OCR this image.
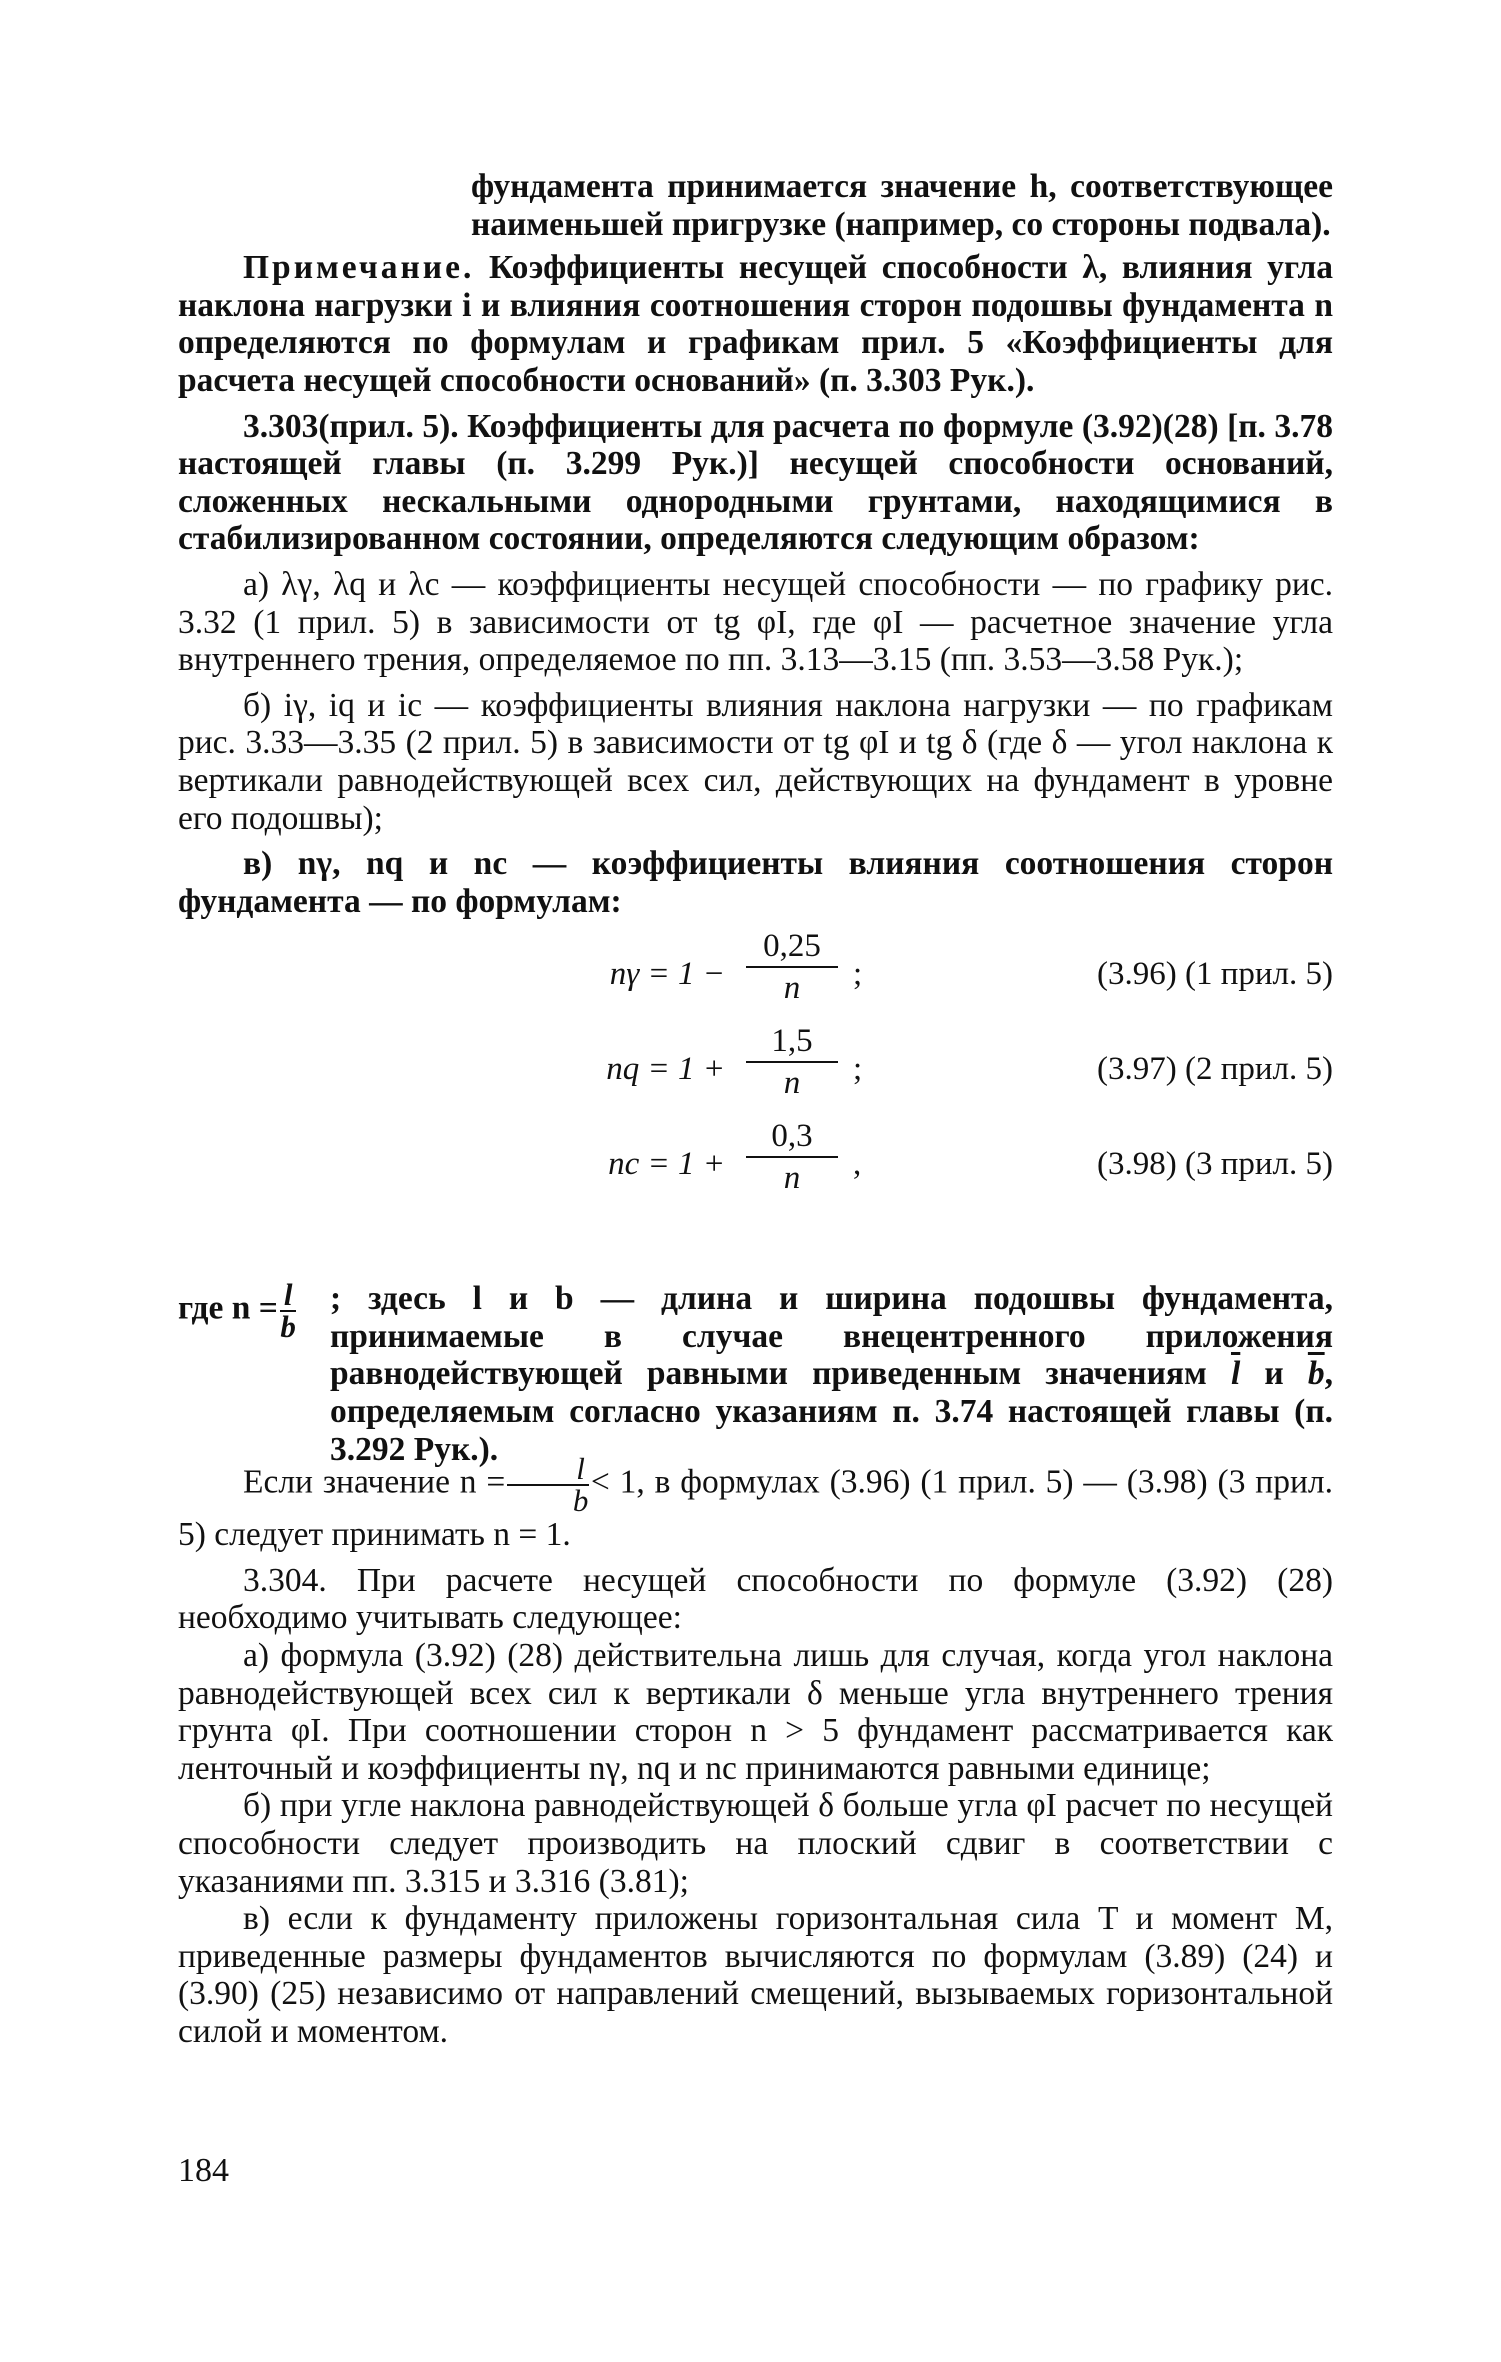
фундамента принимается значение h, соответствующее наименьшей пригрузке (например, со стороны подвала).

Примечание. Коэффициенты несущей способности λ, влияния угла наклона нагрузки i и влияния соотношения сторон подошвы фундамента n определяются по формулам и графикам прил. 5 «Коэффициенты для расчета несущей способности оснований» (п. 3.303 Рук.).

3.303(прил. 5). Коэффициенты для расчета по формуле (3.92)(28) [п. 3.78 настоящей главы (п. 3.299 Рук.)] несущей способности оснований, сложенных нескальными однородными грунтами, находящимися в стабилизированном состоянии, определяются следующим образом:

а) λγ, λq и λc — коэффициенты несущей способности — по графику рис. 3.32 (1 прил. 5) в зависимости от tg φI, где φI — расчетное значение угла внутреннего трения, определяемое по пп. 3.13—3.15 (пп. 3.53—3.58 Рук.);

б) iγ, iq и ic — коэффициенты влияния наклона нагрузки — по графикам рис. 3.33—3.35 (2 прил. 5) в зависимости от tg φI и tg δ (где δ — угол наклона к вертикали равнодействующей всех сил, действующих на фундамент в уровне его подошвы);

в) nγ, nq и nc — коэффициенты влияния соотношения сторон фундамента — по формулам:

$n\gamma = 1 - \frac{0,25}{n}$ ;	(3.96) (1 прил. 5)
nq = $1 + \frac{1,5}{n}$ ;	(3.97) (2 прил. 5)
nc = $1 + \frac{0,3}{n}$ ,	(3.98) (3 прил. 5)
где $n = \frac{l}{b}$ ; здесь l и b — длина и ширина подошвы фундамента, принимаемые в случае внецентренного приложения равнодействующей равными приведенным значениям $\overline{l}$ и $\overline{b}$, определяемым согласно указаниям п. 3.74 настоящей главы (п. 3.292 Рук.).

Если значение $n = \frac{l}{b} < 1$, в формулах (3.96) (1 прил. 5) — (3.98) (3 прил. 5) следует принимать n = 1.

3.304. При расчете несущей способности по формуле (3.92) (28) необходимо учитывать следующее:

а) формула (3.92) (28) действительна лишь для случая, когда угол наклона равнодействующей всех сил к вертикали δ меньше угла внутреннего трения грунта φI. При соотношении сторон n > 5 фундамент рассматривается как ленточный и коэффициенты nγ, nq и nc принимаются равными единице;

б) при угле наклона равнодействующей δ больше угла φI расчет по несущей способности следует производить на плоский сдвиг в соответствии с указаниями пп. 3.315 и 3.316 (3.81);

в) если к фундаменту приложены горизонтальная сила T и момент M, приведенные размеры фундаментов вычисляются по формулам (3.89) (24) и (3.90) (25) независимо от направлений смещений, вызываемых горизонтальной силой и моментом.

184
